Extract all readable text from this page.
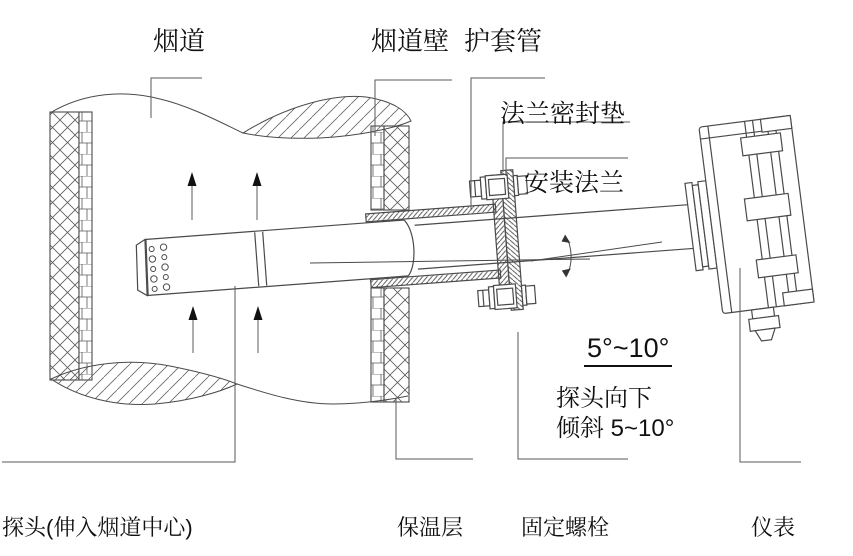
烟道	烟道壁 护套管
法兰密封垫
安装法兰
5°~10°
探头向下
倾斜 5~10°
探头(伸入烟道中心)	保温层	固定螺栓	仪表
